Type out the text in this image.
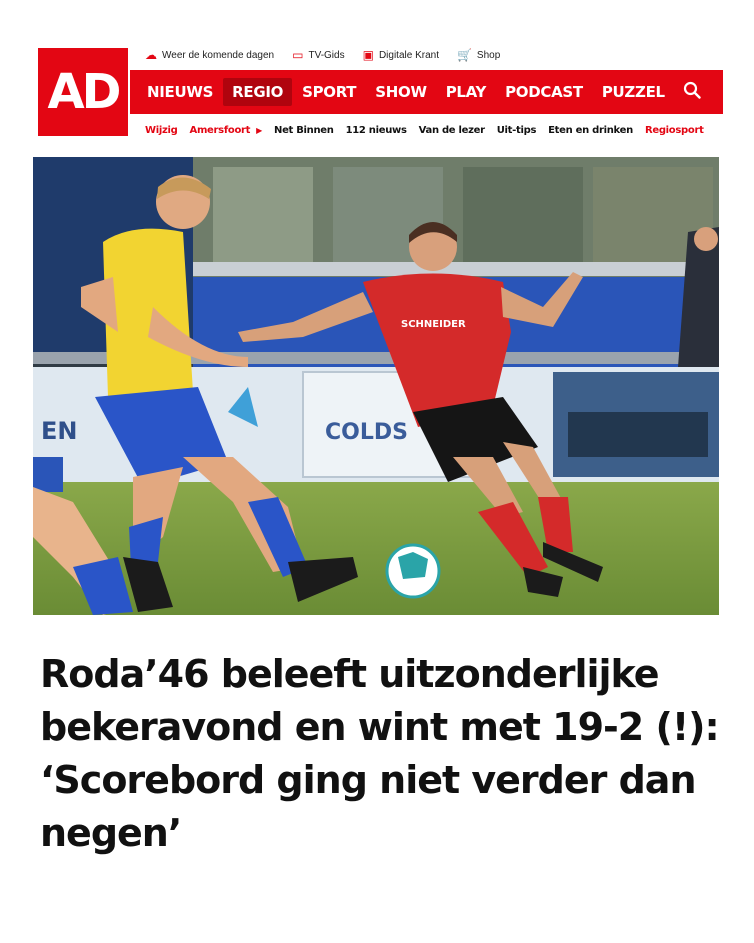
AD
☁ Weer de komende dagen ▭ TV-Gids ▣ Digitale Krant 🛒 Shop
NIEUWS	REGIO	SPORT	SHOW	PLAY	PODCAST	PUZZEL
Wijzig Amersfoort ▶ Net Binnen 112 nieuws Van de lezer Uit-tips Eten en drinken Regiosport
EN	COLDS
SCHNEIDER
Roda’46 beleeft uitzonderlijke bekeravond en wint met 19-2 (!): ‘Scorebord ging niet verder dan negen’
